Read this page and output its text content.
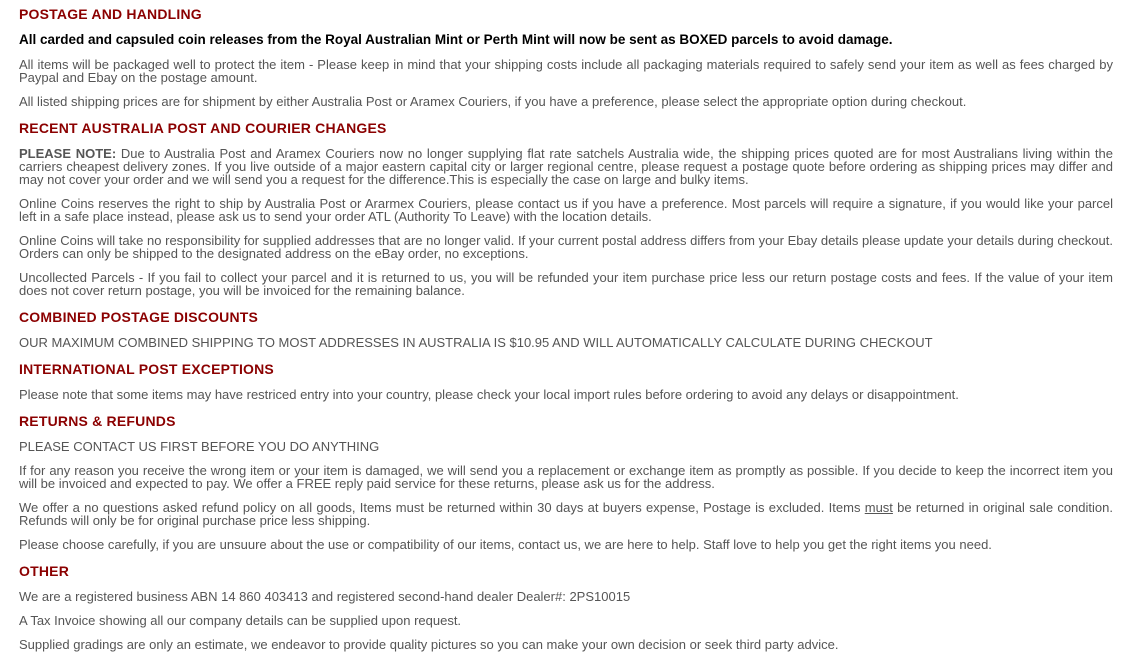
POSTAGE AND HANDLING

All carded and capsuled coin releases from the Royal Australian Mint or Perth Mint will now be sent as BOXED parcels to avoid damage.

All items will be packaged well to protect the item - Please keep in mind that your shipping costs include all packaging materials required to safely send your item as well as fees charged by Paypal and Ebay on the postage amount.

All listed shipping prices are for shipment by either Australia Post or Aramex Couriers, if you have a preference, please select the appropriate option during checkout.

RECENT AUSTRALIA POST AND COURIER CHANGES

PLEASE NOTE: Due to Australia Post and Aramex Couriers now no longer supplying flat rate satchels Australia wide, the shipping prices quoted are for most Australians living within the carriers cheapest delivery zones. If you live outside of a major eastern capital city or larger regional centre, please request a postage quote before ordering as shipping prices may differ and may not cover your order and we will send you a request for the difference.This is especially the case on large and bulky items.

Online Coins reserves the right to ship by Australia Post or Ararmex Couriers, please contact us if you have a preference. Most parcels will require a signature, if you would like your parcel left in a safe place instead, please ask us to send your order ATL (Authority To Leave) with the location details.

Online Coins will take no responsibility for supplied addresses that are no longer valid. If your current postal address differs from your Ebay details please update your details during checkout. Orders can only be shipped to the designated address on the eBay order, no exceptions.

Uncollected Parcels - If you fail to collect your parcel and it is returned to us, you will be refunded your item purchase price less our return postage costs and fees. If the value of your item does not cover return postage, you will be invoiced for the remaining balance.

COMBINED POSTAGE DISCOUNTS

OUR MAXIMUM COMBINED SHIPPING TO MOST ADDRESSES IN AUSTRALIA IS $10.95 AND WILL AUTOMATICALLY CALCULATE DURING CHECKOUT

INTERNATIONAL POST EXCEPTIONS

Please note that some items may have restriced entry into your country, please check your local import rules before ordering to avoid any delays or disappointment.

RETURNS & REFUNDS

PLEASE CONTACT US FIRST BEFORE YOU DO ANYTHING

If for any reason you receive the wrong item or your item is damaged, we will send you a replacement or exchange item as promptly as possible. If you decide to keep the incorrect item you will be invoiced and expected to pay. We offer a FREE reply paid service for these returns, please ask us for the address.

We offer a no questions asked refund policy on all goods, Items must be returned within 30 days at buyers expense, Postage is excluded. Items must be returned in original sale condition. Refunds will only be for original purchase price less shipping.

Please choose carefully, if you are unsuure about the use or compatibility of our items, contact us, we are here to help. Staff love to help you get the right items you need.

OTHER

We are a registered business ABN 14 860 403413 and registered second-hand dealer Dealer#: 2PS10015

A Tax Invoice showing all our company details can be supplied upon request.

Supplied gradings are only an estimate, we endeavor to provide quality pictures so you can make your own decision or seek third party advice.
